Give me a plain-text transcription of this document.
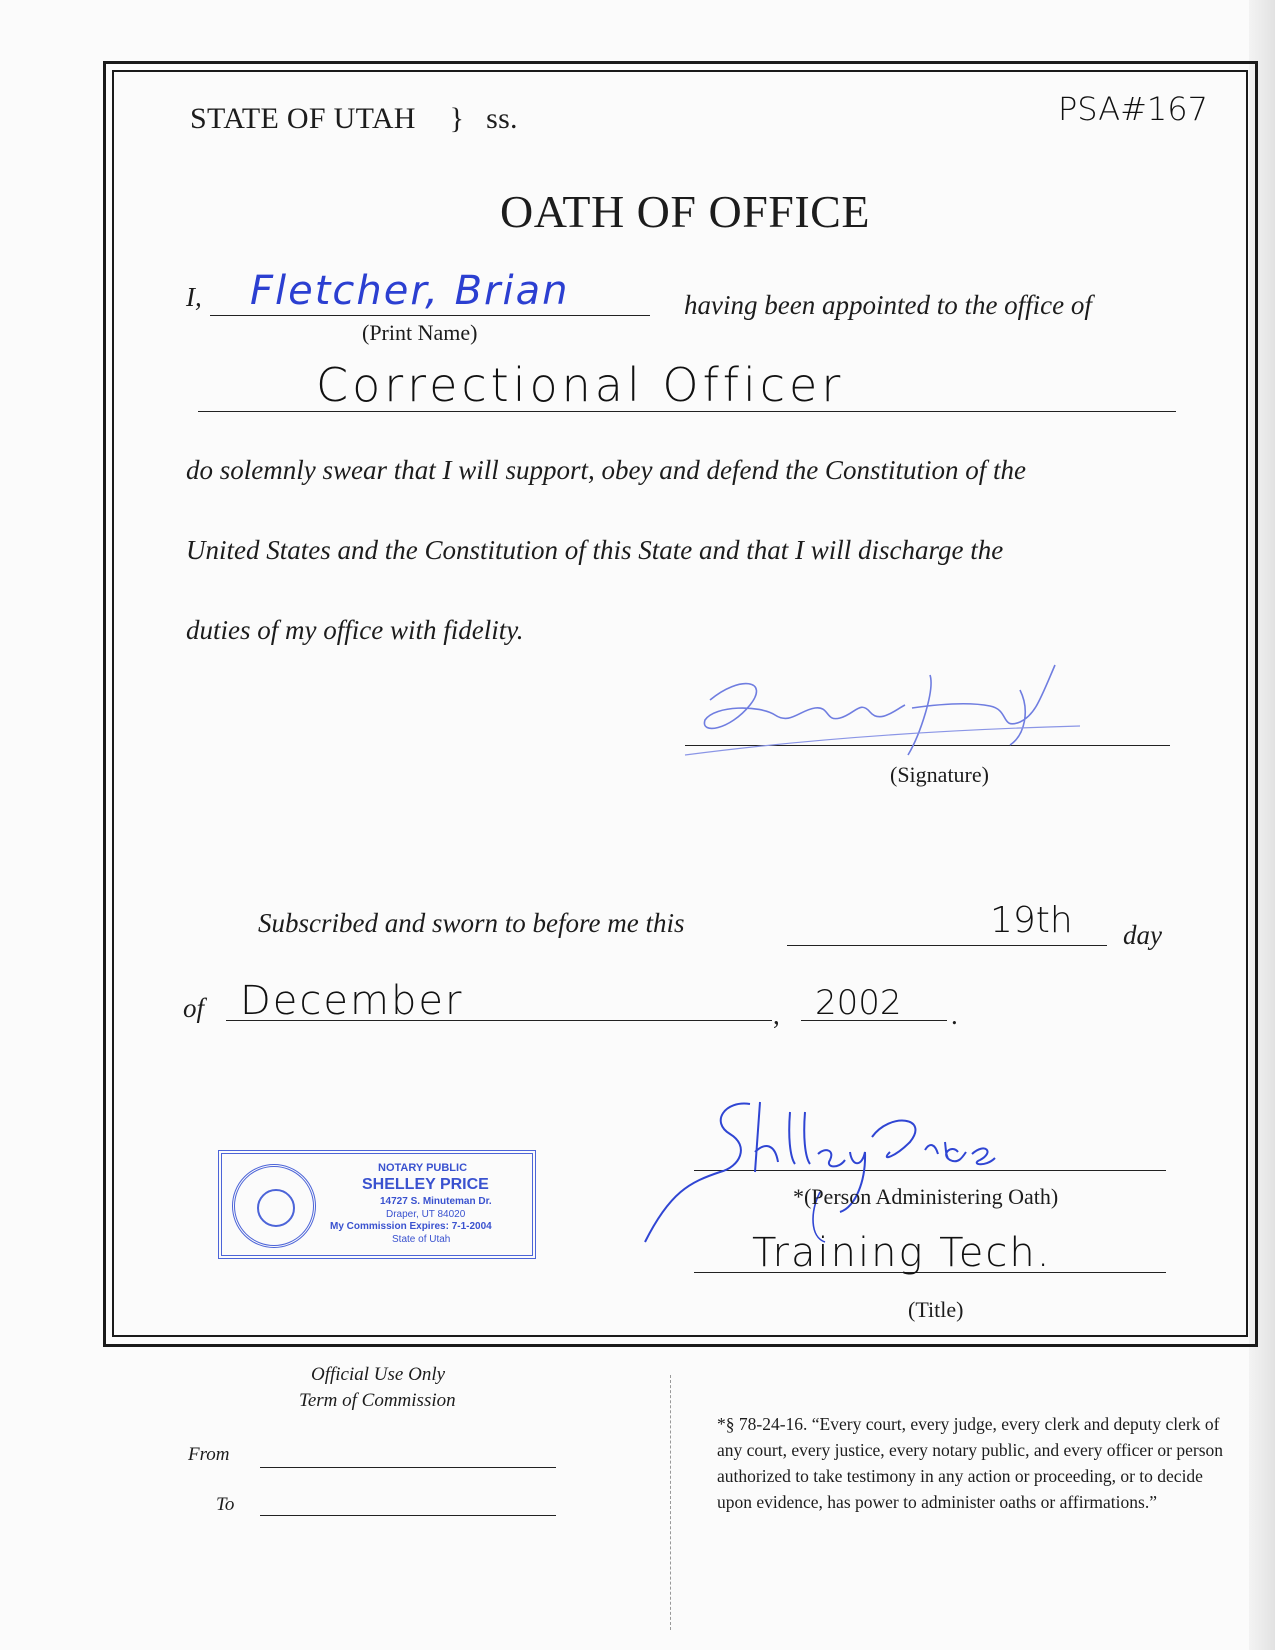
STATE OF UTAH } ss.	PSA#167
OATH OF OFFICE
I, Fletcher, Brian
(Print Name)
having been appointed to the office of
Correctional Officer
do solemnly swear that I will support, obey and defend the Constitution of the
United States and the Constitution of this State and that I will discharge the
duties of my office with fidelity.
(Signature)
Subscribed and sworn to before me this	19th day
of December	, 2002 .
NOTARY PUBLIC
SHELLEY PRICE
14727 S. Minuteman Dr.
Draper, UT 84020
My Commission Expires: 7-1-2004
State of Utah
*(Person Administering Oath)
Training Tech.
(Title)
Official Use Only
Term of Commission
From
To
*§ 78-24-16. “Every court, every judge, every clerk and deputy clerk of any court, every justice, every notary public, and every officer or person authorized to take testimony in any action or proceeding, or to decide upon evidence, has power to administer oaths or affirmations.”
